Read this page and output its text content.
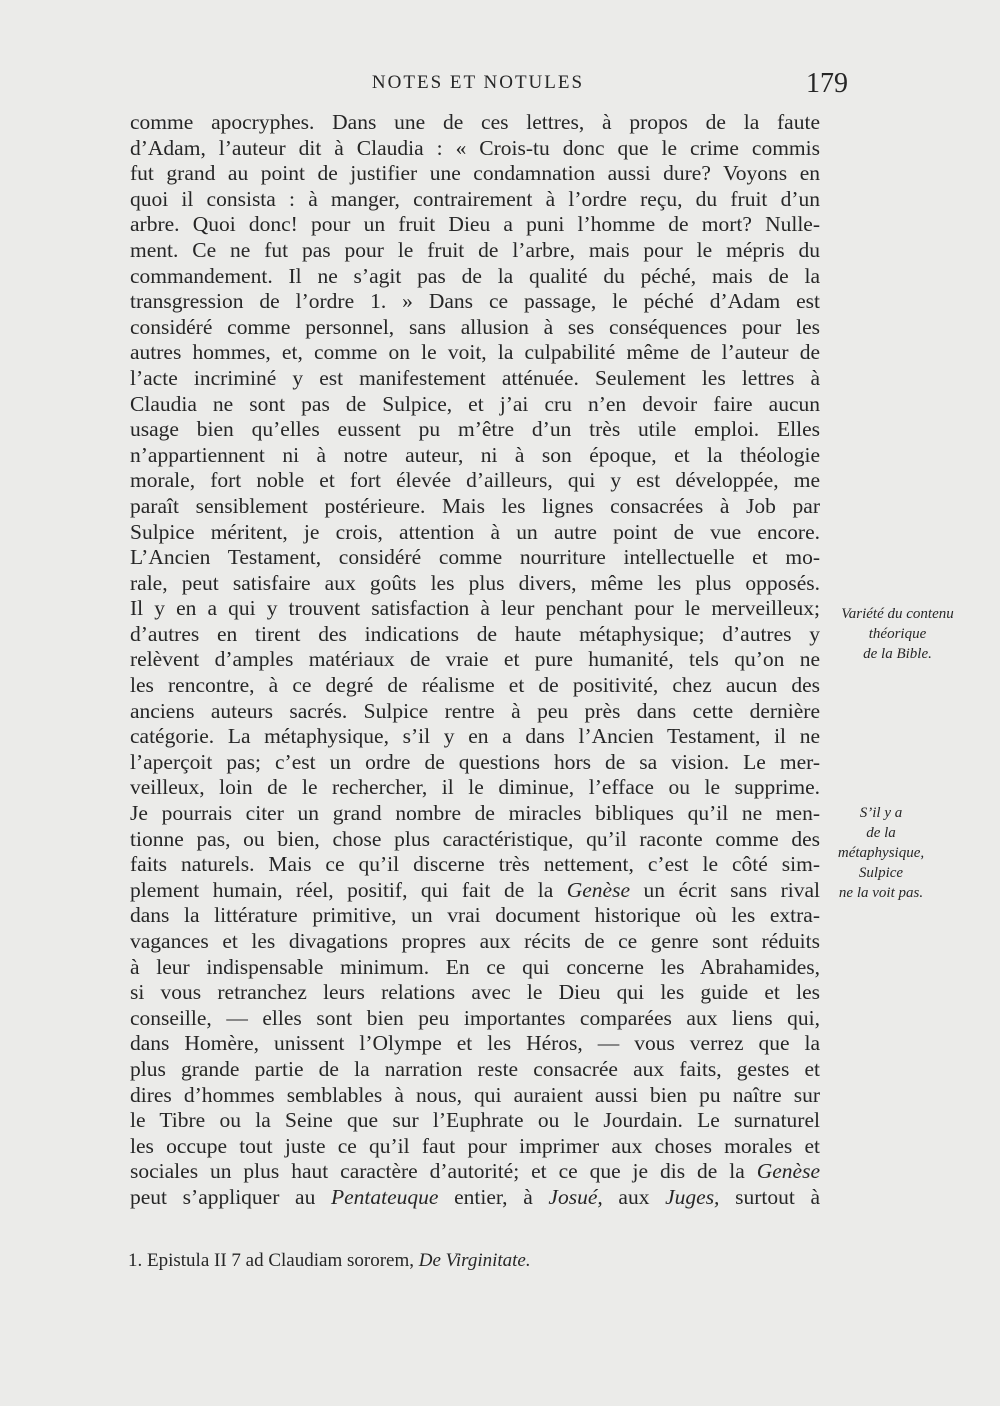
NOTES ET NOTULES	179
comme apocryphes. Dans une de ces lettres, à propos de la faute
d’Adam, l’auteur dit à Claudia : « Crois-tu donc que le crime commis
fut grand au point de justifier une condamnation aussi dure? Voyons en
quoi il consista : à manger, contrairement à l’ordre reçu, du fruit d’un
arbre. Quoi donc! pour un fruit Dieu a puni l’homme de mort? Nulle-
ment. Ce ne fut pas pour le fruit de l’arbre, mais pour le mépris du
commandement. Il ne s’agit pas de la qualité du péché, mais de la
transgression de l’ordre 1. » Dans ce passage, le péché d’Adam est
considéré comme personnel, sans allusion à ses conséquences pour les
autres hommes, et, comme on le voit, la culpabilité même de l’auteur de
l’acte incriminé y est manifestement atténuée. Seulement les lettres à
Claudia ne sont pas de Sulpice, et j’ai cru n’en devoir faire aucun
usage bien qu’elles eussent pu m’être d’un très utile emploi. Elles
n’appartiennent ni à notre auteur, ni à son époque, et la théologie
morale, fort noble et fort élevée d’ailleurs, qui y est développée, me
paraît sensiblement postérieure. Mais les lignes consacrées à Job par
Sulpice méritent, je crois, attention à un autre point de vue encore.
L’Ancien Testament, considéré comme nourriture intellectuelle et mo-
rale, peut satisfaire aux goûts les plus divers, même les plus opposés.
Il y en a qui y trouvent satisfaction à leur penchant pour le merveilleux;
d’autres en tirent des indications de haute métaphysique; d’autres y
relèvent d’amples matériaux de vraie et pure humanité, tels qu’on ne
les rencontre, à ce degré de réalisme et de positivité, chez aucun des
anciens auteurs sacrés. Sulpice rentre à peu près dans cette dernière
catégorie. La métaphysique, s’il y en a dans l’Ancien Testament, il ne
l’aperçoit pas; c’est un ordre de questions hors de sa vision. Le mer-
veilleux, loin de le rechercher, il le diminue, l’efface ou le supprime.
Je pourrais citer un grand nombre de miracles bibliques qu’il ne men-
tionne pas, ou bien, chose plus caractéristique, qu’il raconte comme des
faits naturels. Mais ce qu’il discerne très nettement, c’est le côté sim-
plement humain, réel, positif, qui fait de la Genèse un écrit sans rival
dans la littérature primitive, un vrai document historique où les extra-
vagances et les divagations propres aux récits de ce genre sont réduits
à leur indispensable minimum. En ce qui concerne les Abrahamides,
si vous retranchez leurs relations avec le Dieu qui les guide et les
conseille, — elles sont bien peu importantes comparées aux liens qui,
dans Homère, unissent l’Olympe et les Héros, — vous verrez que la
plus grande partie de la narration reste consacrée aux faits, gestes et
dires d’hommes semblables à nous, qui auraient aussi bien pu naître sur
le Tibre ou la Seine que sur l’Euphrate ou le Jourdain. Le surnaturel
les occupe tout juste ce qu’il faut pour imprimer aux choses morales et
sociales un plus haut caractère d’autorité; et ce que je dis de la Genèse
peut s’appliquer au Pentateuque entier, à Josué, aux Juges, surtout à
Variété du contenu
théorique
de la Bible.
S’il y a
de la
métaphysique,
Sulpice
ne la voit pas.
1. Epistula II 7 ad Claudiam sororem, De Virginitate.
